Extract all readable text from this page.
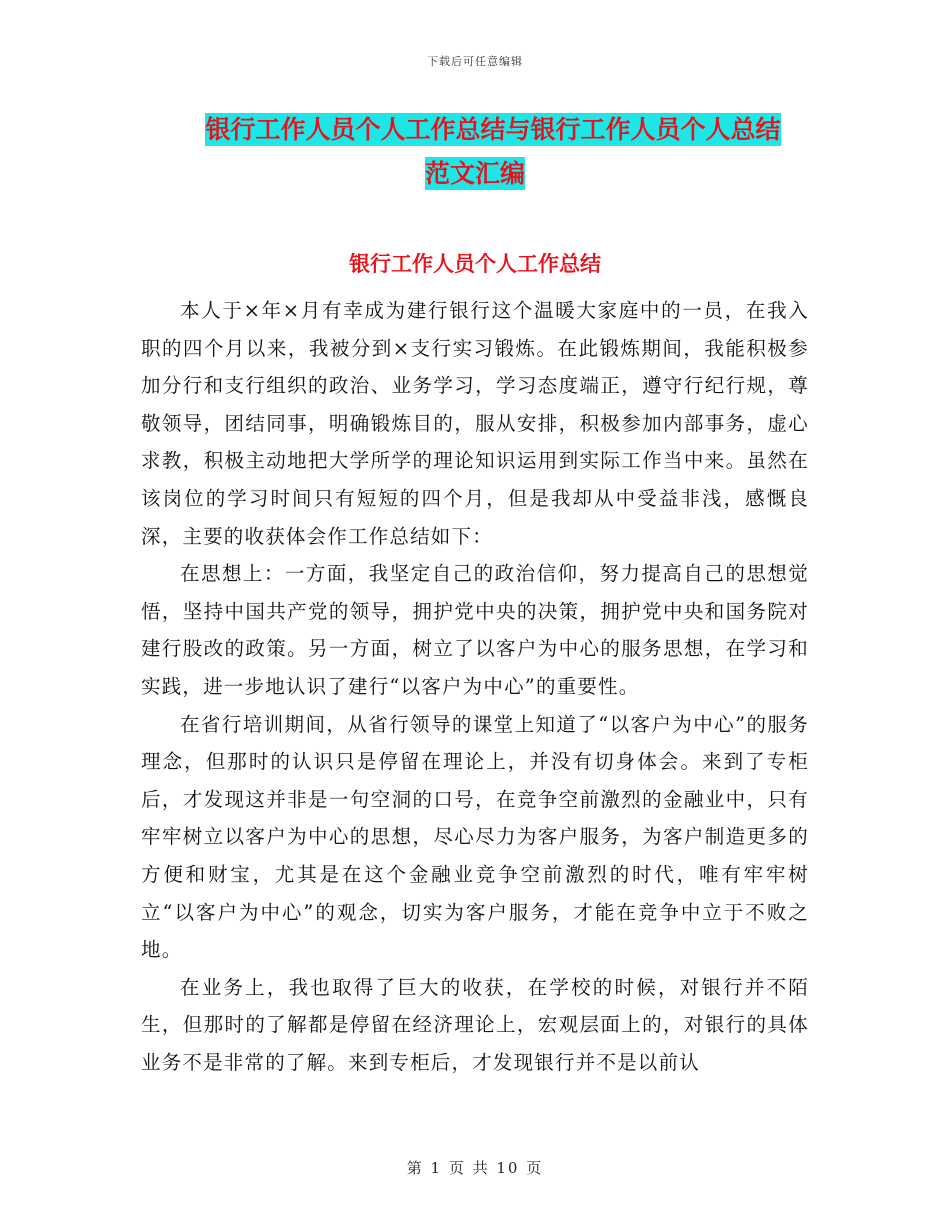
下载后可任意编辑
银行工作人员个人工作总结与银行工作人员个人总结
范文汇编
银行工作人员个人工作总结

本人于×年×月有幸成为建行银行这个温暖大家庭中的一员，在我入职的四个月以来，我被分到×支行实习锻炼。在此锻炼期间，我能积极参加分行和支行组织的政治、业务学习，学习态度端正，遵守行纪行规，尊敬领导，团结同事，明确锻炼目的，服从安排，积极参加内部事务，虚心求教，积极主动地把大学所学的理论知识运用到实际工作当中来。虽然在该岗位的学习时间只有短短的四个月，但是我却从中受益非浅，感慨良深，主要的收获体会作工作总结如下：

在思想上：一方面，我坚定自己的政治信仰，努力提高自己的思想觉悟，坚持中国共产党的领导，拥护党中央的决策，拥护党中央和国务院对建行股改的政策。另一方面，树立了以客户为中心的服务思想，在学习和实践，进一步地认识了建行“以客户为中心”的重要性。

在省行培训期间，从省行领导的课堂上知道了“以客户为中心”的服务理念，但那时的认识只是停留在理论上，并没有切身体会。来到了专柜后，才发现这并非是一句空洞的口号，在竞争空前激烈的金融业中，只有牢牢树立以客户为中心的思想，尽心尽力为客户服务，为客户制造更多的方便和财宝，尤其是在这个金融业竞争空前激烈的时代，唯有牢牢树立“以客户为中心”的观念，切实为客户服务，才能在竞争中立于不败之地。

在业务上，我也取得了巨大的收获，在学校的时候，对银行并不陌生，但那时的了解都是停留在经济理论上，宏观层面上的，对银行的具体业务不是非常的了解。来到专柜后，才发现银行并不是以前认

第 1 页 共 10 页
